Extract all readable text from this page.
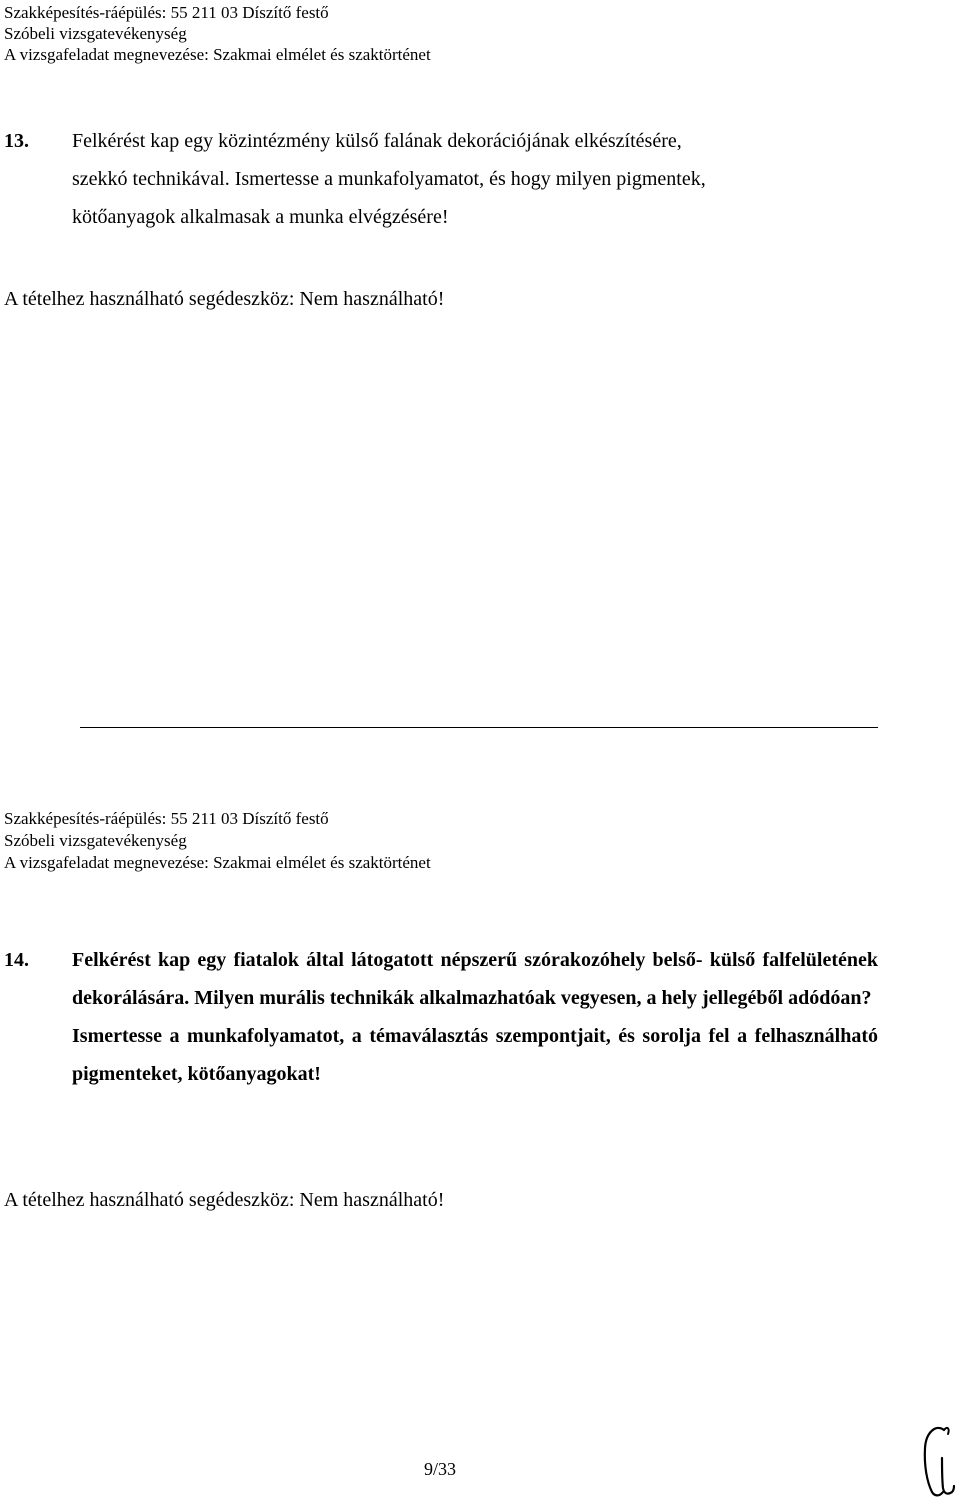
Szakképesítés-ráépülés: 55 211 03 Díszítő festő
Szóbeli vizsgatevékenység
A vizsgafeladat megnevezése: Szakmai elmélet és szaktörténet
13. Felkérést kap egy közintézmény külső falának dekorációjának elkészítésére,
szekkó technikával. Ismertesse a munkafolyamatot, és hogy milyen pigmentek,
kötőanyagok alkalmasak a munka elvégzésére!
A tételhez használható segédeszköz: Nem használható!
Szakképesítés-ráépülés: 55 211 03 Díszítő festő
Szóbeli vizsgatevékenység
A vizsgafeladat megnevezése: Szakmai elmélet és szaktörténet
14. Felkérést kap egy fiatalok által látogatott népszerű szórakozóhely belső- külső falfelületének dekorálására. Milyen murális technikák alkalmazhatóak vegyesen, a hely jellegéből adódóan?

Ismertesse a munkafolyamatot, a témaválasztás szempontjait, és sorolja fel a felhasználható pigmenteket, kötőanyagokat!

A tételhez használható segédeszköz: Nem használható!
9/33
